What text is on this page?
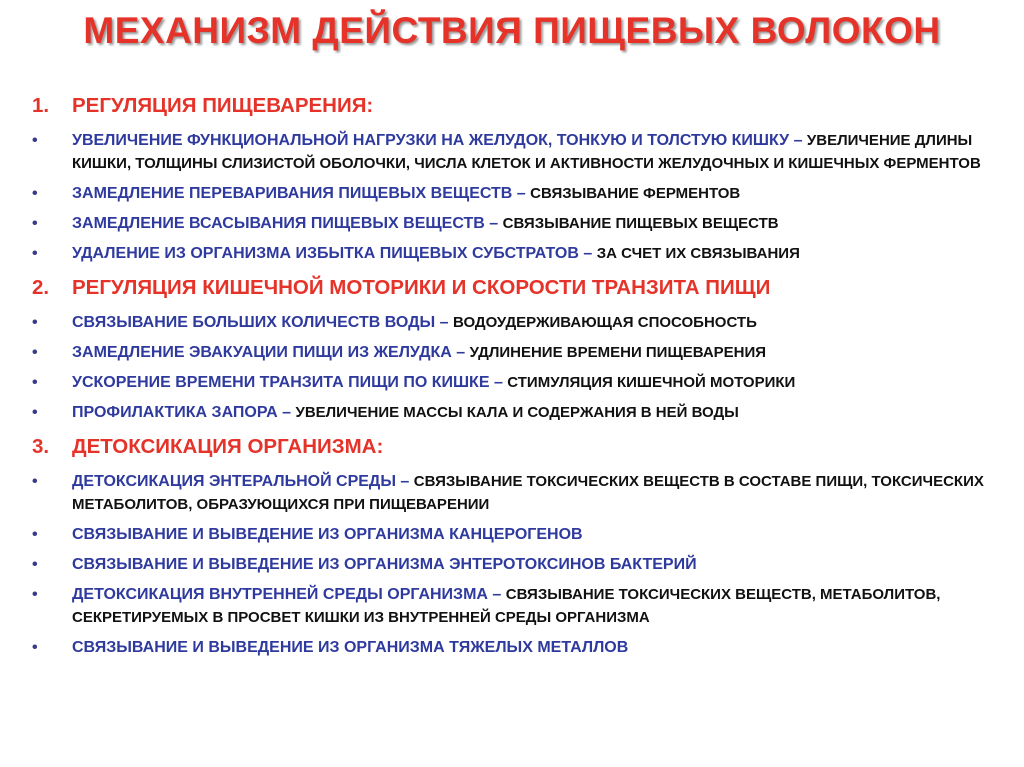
МЕХАНИЗМ ДЕЙСТВИЯ ПИЩЕВЫХ ВОЛОКОН
1.	РЕГУЛЯЦИЯ ПИЩЕВАРЕНИЯ:
•	УВЕЛИЧЕНИЕ ФУНКЦИОНАЛЬНОЙ НАГРУЗКИ НА ЖЕЛУДОК, ТОНКУЮ И ТОЛСТУЮ КИШКУ – УВЕЛИЧЕНИЕ ДЛИНЫ КИШКИ, ТОЛЩИНЫ СЛИЗИСТОЙ ОБОЛОЧКИ, ЧИСЛА КЛЕТОК И АКТИВНОСТИ ЖЕЛУДОЧНЫХ И КИШЕЧНЫХ ФЕРМЕНТОВ
•	ЗАМЕДЛЕНИЕ ПЕРЕВАРИВАНИЯ ПИЩЕВЫХ ВЕЩЕСТВ – СВЯЗЫВАНИЕ ФЕРМЕНТОВ
•	ЗАМЕДЛЕНИЕ ВСАСЫВАНИЯ ПИЩЕВЫХ ВЕЩЕСТВ – СВЯЗЫВАНИЕ ПИЩЕВЫХ ВЕЩЕСТВ
•	УДАЛЕНИЕ ИЗ ОРГАНИЗМА ИЗБЫТКА ПИЩЕВЫХ СУБСТРАТОВ – ЗА СЧЕТ ИХ СВЯЗЫВАНИЯ
2.	РЕГУЛЯЦИЯ КИШЕЧНОЙ МОТОРИКИ И СКОРОСТИ ТРАНЗИТА ПИЩИ
•	СВЯЗЫВАНИЕ БОЛЬШИХ КОЛИЧЕСТВ ВОДЫ – ВОДОУДЕРЖИВАЮЩАЯ СПОСОБНОСТЬ
•	ЗАМЕДЛЕНИЕ ЭВАКУАЦИИ ПИЩИ ИЗ ЖЕЛУДКА – УДЛИНЕНИЕ ВРЕМЕНИ ПИЩЕВАРЕНИЯ
•	УСКОРЕНИЕ ВРЕМЕНИ ТРАНЗИТА ПИЩИ ПО КИШКЕ – СТИМУЛЯЦИЯ КИШЕЧНОЙ МОТОРИКИ
•	ПРОФИЛАКТИКА ЗАПОРА – УВЕЛИЧЕНИЕ МАССЫ КАЛА И СОДЕРЖАНИЯ В НЕЙ ВОДЫ
3.	ДЕТОКСИКАЦИЯ ОРГАНИЗМА:
•	ДЕТОКСИКАЦИЯ ЭНТЕРАЛЬНОЙ СРЕДЫ – СВЯЗЫВАНИЕ ТОКСИЧЕСКИХ ВЕЩЕСТВ В СОСТАВЕ ПИЩИ, ТОКСИЧЕСКИХ МЕТАБОЛИТОВ, ОБРАЗУЮЩИХСЯ ПРИ ПИЩЕВАРЕНИИ
•	СВЯЗЫВАНИЕ И ВЫВЕДЕНИЕ ИЗ ОРГАНИЗМА КАНЦЕРОГЕНОВ
•	СВЯЗЫВАНИЕ И ВЫВЕДЕНИЕ ИЗ ОРГАНИЗМА ЭНТЕРОТОКСИНОВ БАКТЕРИЙ
•	ДЕТОКСИКАЦИЯ ВНУТРЕННЕЙ СРЕДЫ ОРГАНИЗМА – СВЯЗЫВАНИЕ ТОКСИЧЕСКИХ ВЕЩЕСТВ, МЕТАБОЛИТОВ, СЕКРЕТИРУЕМЫХ В ПРОСВЕТ КИШКИ ИЗ ВНУТРЕННЕЙ СРЕДЫ ОРГАНИЗМА
•	СВЯЗЫВАНИЕ И ВЫВЕДЕНИЕ ИЗ ОРГАНИЗМА ТЯЖЕЛЫХ МЕТАЛЛОВ
